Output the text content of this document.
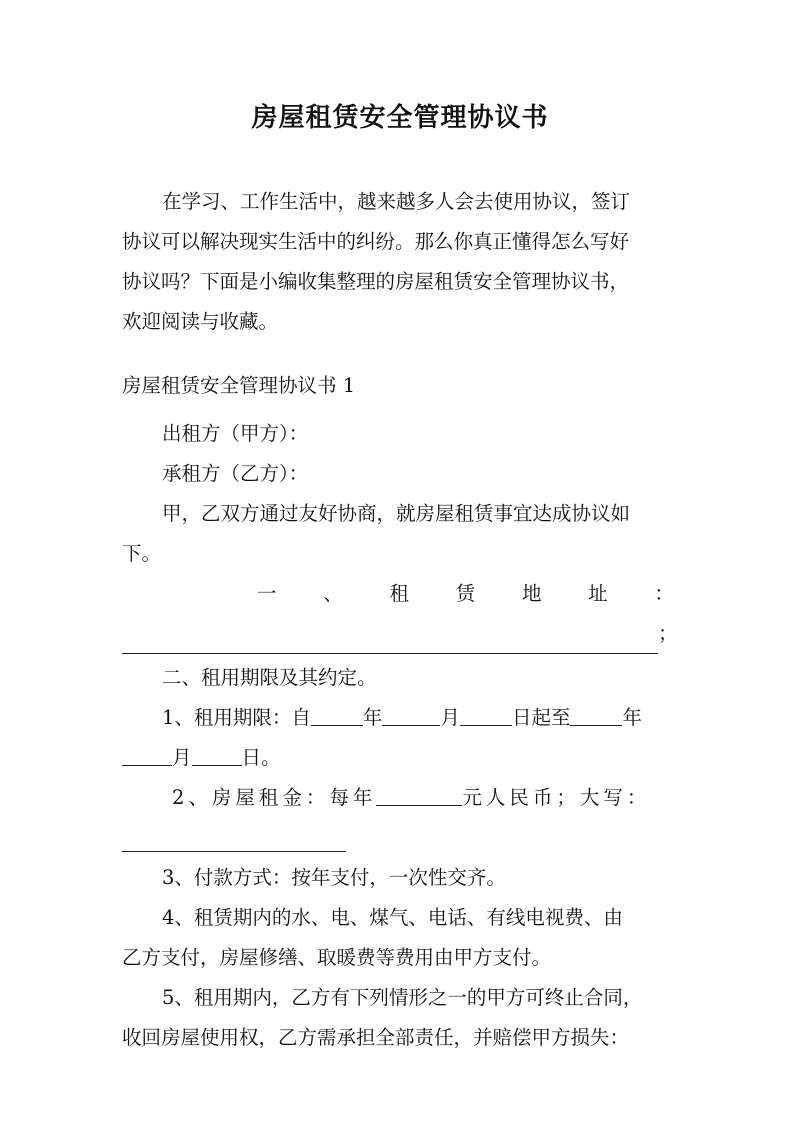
房屋租赁安全管理协议书

在学习、工作生活中，越来越多人会去使用协议，签订

协议可以解决现实生活中的纠纷。那么你真正懂得怎么写好

协议吗？下面是小编收集整理的房屋租赁安全管理协议书，

欢迎阅读与收藏。

房屋租赁安全管理协议书 1

出租方（甲方）：

承租方（乙方）：

甲，乙双方通过友好协商，就房屋租赁事宜达成协议如

下。

一 、 租 赁 地 址 ：
；

二、租用期限及其约定。

1、租用期限：自	年	月	日起至	年

月	日。

2、房屋租金：每年	元人民币；大写：

3、付款方式：按年支付，一次性交齐。

4、租赁期内的水、电、煤气、电话、有线电视费、由

乙方支付，房屋修缮、取暖费等费用由甲方支付。

5、租用期内，乙方有下列情形之一的甲方可终止合同，

收回房屋使用权，乙方需承担全部责任，并赔偿甲方损失：
